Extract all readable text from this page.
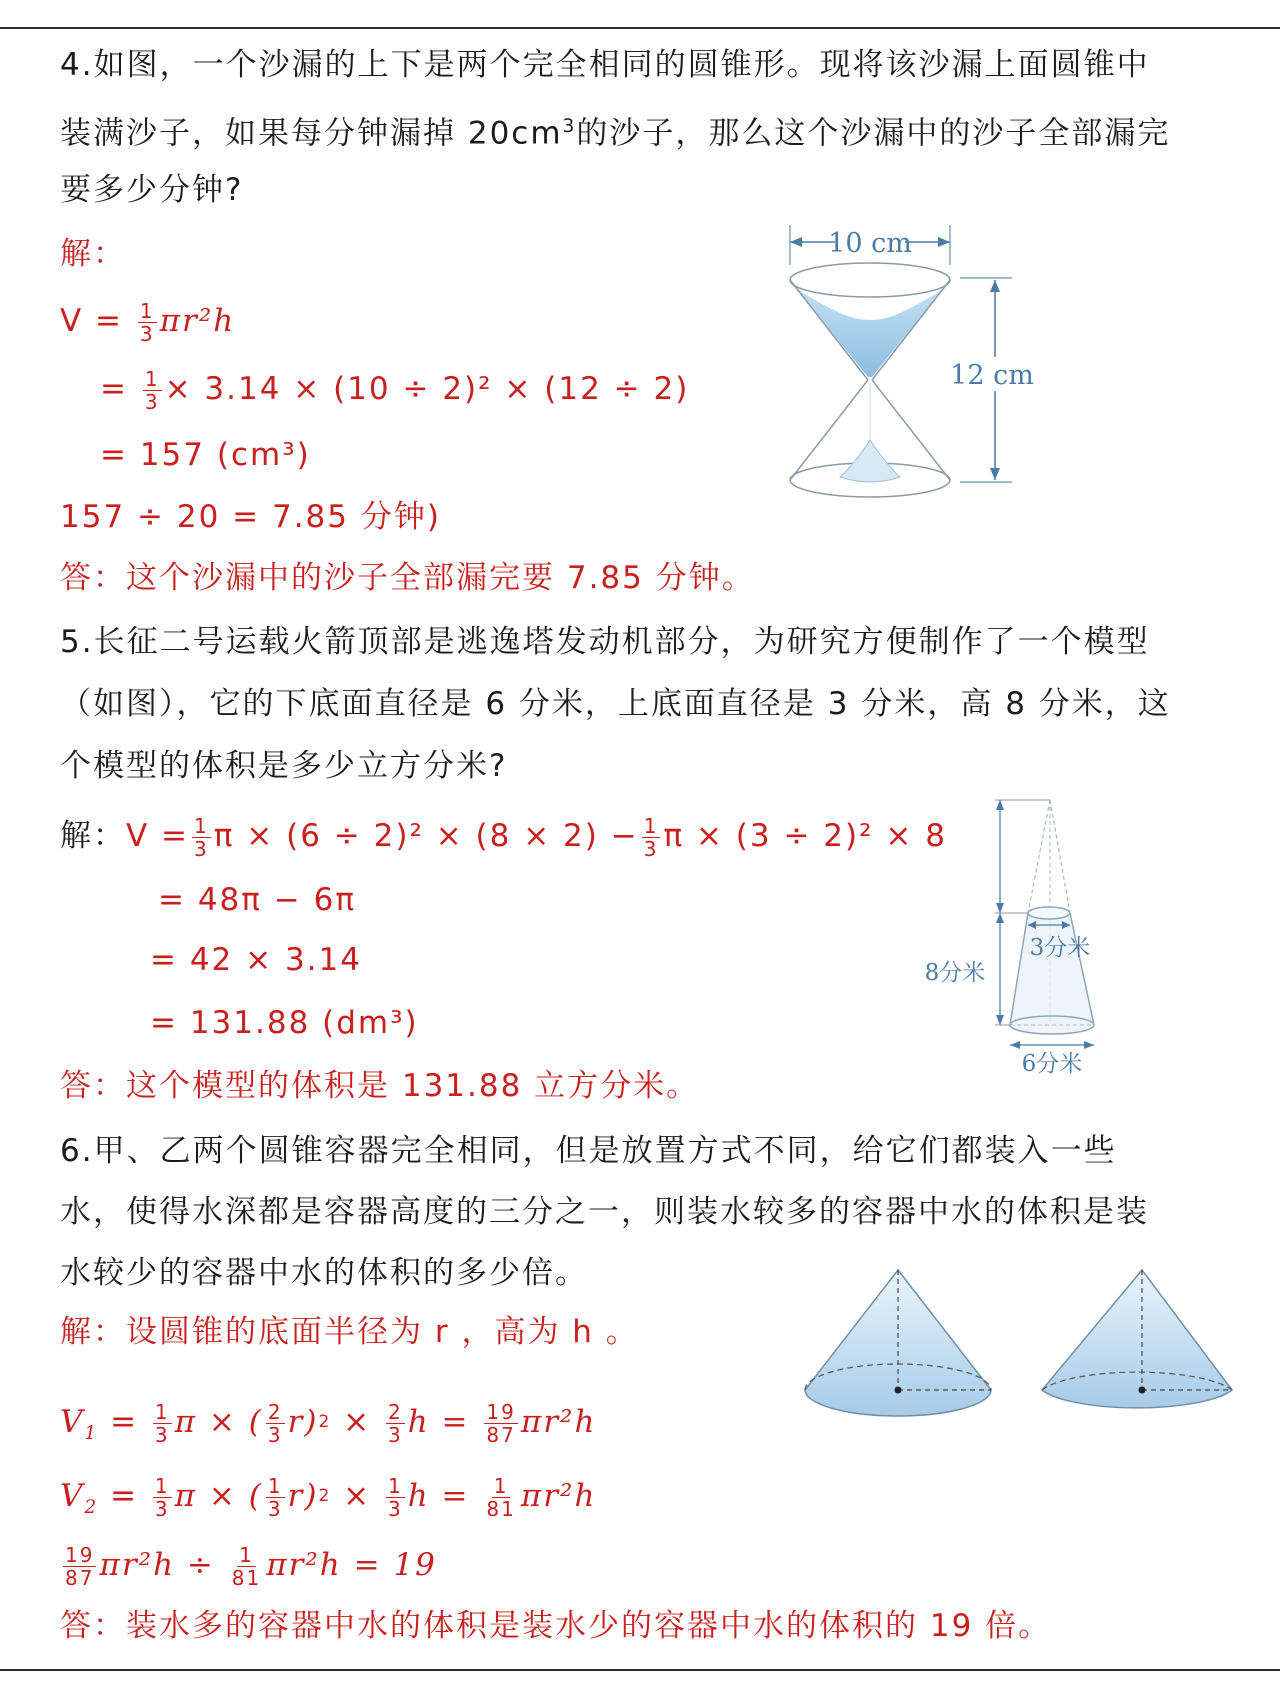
4.如图，一个沙漏的上下是两个完全相同的圆锥形。现将该沙漏上面圆锥中
装满沙子，如果每分钟漏掉 $20cm^3$的沙子，那么这个沙漏中的沙子全部漏完
要多少分钟?
解：
$V = \frac{1}{3} \pi r^2h$
= $\frac{1}{3} \times 3.14 \times (10 \div 2)^2 \times (12 \div 2)$
= 157 (cm³)
157 ÷ 20 = 7.85 分钟)
答：这个沙漏中的沙子全部漏完要 7.85 分钟。
10 cm
12 cm
5.长征二号运载火箭顶部是逃逸塔发动机部分，为研究方便制作了一个模型
（如图），它的下底面直径是 6 分米，上底面直径是 3 分米，高 8 分米，这
个模型的体积是多少立方分米?
解：$V = \frac{1}{3}$ $\pi \times (6 \div 2)^2 \times (8 \times 2) - \frac{1}{3}$ π × (3 ÷ 2)² × 8
= 48π − 6π
= 42 × 3.14
= 131.88 (dm³)
答：这个模型的体积是 131.88 立方分米。
3分米
8分米
6分米
6.甲、乙两个圆锥容器完全相同，但是放置方式不同，给它们都装入一些
水，使得水深都是容器高度的三分之一，则装水较多的容器中水的体积是装
水较少的容器中水的体积的多少倍。
解：设圆锥的底面半径为 r ，高为 h 。
$V_1 = \frac{1}{3}$ π × ( $\frac{2}{3} r)^2 \times \frac{2}{3}$ $h = \frac{19}{87} \pi r^2h$
$V_2 = \frac{1}{3}$ π × ( $\frac{1}{3} r)^2 \times \frac{1}{3}$ $h = \frac{1}{81} \pi r^2h$
$\frac{19}{87} \pi r^2h \div \frac{1}{81} \pi r^2h = 19$
答：装水多的容器中水的体积是装水少的容器中水的体积的 19 倍。
